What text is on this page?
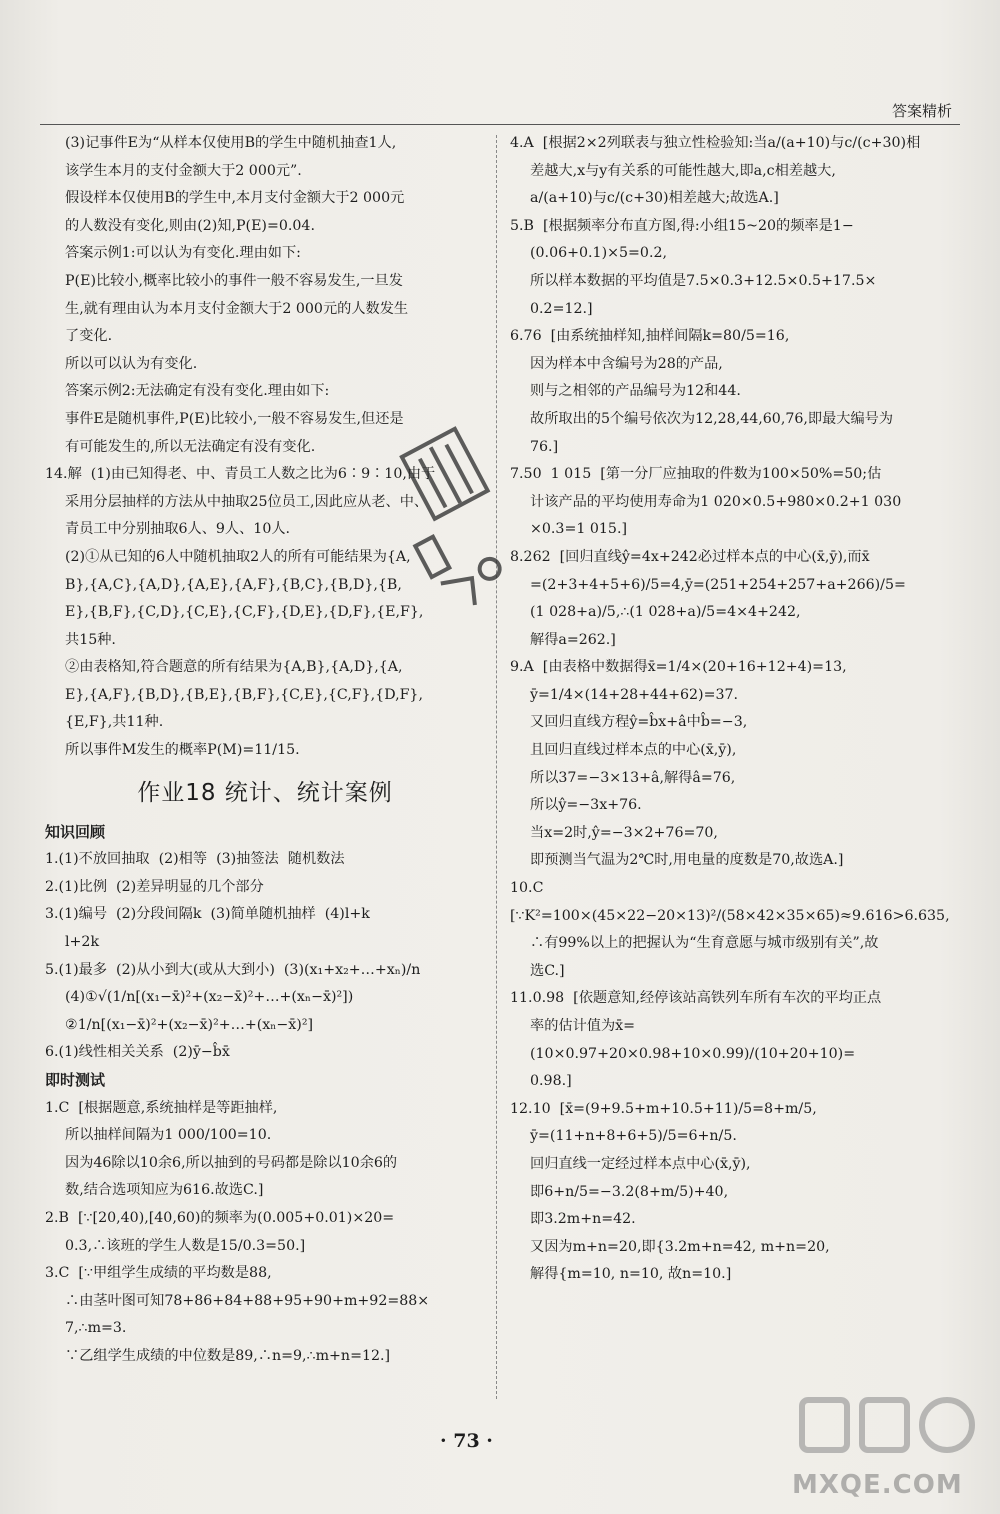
答案精析
(3)记事件E为“从样本仅使用B的学生中随机抽查1人,
该学生本月的支付金额大于2 000元”.
假设样本仅使用B的学生中,本月支付金额大于2 000元
的人数没有变化,则由(2)知,P(E)=0.04.
答案示例1:可以认为有变化.理由如下:
P(E)比较小,概率比较小的事件一般不容易发生,一旦发
生,就有理由认为本月支付金额大于2 000元的人数发生
了变化.
所以可以认为有变化.
答案示例2:无法确定有没有变化.理由如下:
事件E是随机事件,P(E)比较小,一般不容易发生,但还是
有可能发生的,所以无法确定有没有变化.
14.解  (1)由已知得老、中、青员工人数之比为6∶9∶10,由于
采用分层抽样的方法从中抽取25位员工,因此应从老、中、
青员工中分别抽取6人、9人、10人.
(2)①从已知的6人中随机抽取2人的所有可能结果为{A,
B},{A,C},{A,D},{A,E},{A,F},{B,C},{B,D},{B,
E},{B,F},{C,D},{C,E},{C,F},{D,E},{D,F},{E,F},
共15种.
②由表格知,符合题意的所有结果为{A,B},{A,D},{A,
E},{A,F},{B,D},{B,E},{B,F},{C,E},{C,F},{D,F},
{E,F},共11种.
所以事件M发生的概率P(M)=11/15.
作业18 统计、统计案例
知识回顾
1.(1)不放回抽取  (2)相等  (3)抽签法  随机数法
2.(1)比例  (2)差异明显的几个部分
3.(1)编号  (2)分段间隔k  (3)简单随机抽样  (4)l+k
l+2k
5.(1)最多  (2)从小到大(或从大到小)  (3)(x₁+x₂+…+xₙ)/n
(4)①√(1/n[(x₁−x̄)²+(x₂−x̄)²+…+(xₙ−x̄)²])
②1/n[(x₁−x̄)²+(x₂−x̄)²+…+(xₙ−x̄)²]
6.(1)线性相关关系  (2)ȳ−b̂x̄
即时测试
1.C  [根据题意,系统抽样是等距抽样,
所以抽样间隔为1 000/100=10.
因为46除以10余6,所以抽到的号码都是除以10余6的
数,结合选项知应为616.故选C.]
2.B  [∵[20,40),[40,60)的频率为(0.005+0.01)×20=
0.3,∴该班的学生人数是15/0.3=50.]
3.C  [∵甲组学生成绩的平均数是88,
∴由茎叶图可知78+86+84+88+95+90+m+92=88×
7,∴m=3.
∵乙组学生成绩的中位数是89,∴n=9,∴m+n=12.]
4.A  [根据2×2列联表与独立性检验知:当a/(a+10)与c/(c+30)相
差越大,x与y有关系的可能性越大,即a,c相差越大,
a/(a+10)与c/(c+30)相差越大;故选A.]
5.B  [根据频率分布直方图,得:小组15~20的频率是1−
(0.06+0.1)×5=0.2,
所以样本数据的平均值是7.5×0.3+12.5×0.5+17.5×
0.2=12.]
6.76  [由系统抽样知,抽样间隔k=80/5=16,
因为样本中含编号为28的产品,
则与之相邻的产品编号为12和44.
故所取出的5个编号依次为12,28,44,60,76,即最大编号为
76.]
7.50  1 015  [第一分厂应抽取的件数为100×50%=50;估
计该产品的平均使用寿命为1 020×0.5+980×0.2+1 030
×0.3=1 015.]
8.262  [回归直线ŷ=4x+242必过样本点的中心(x̄,ȳ),而x̄
=(2+3+4+5+6)/5=4,ȳ=(251+254+257+a+266)/5=
(1 028+a)/5,∴(1 028+a)/5=4×4+242,
解得a=262.]
9.A  [由表格中数据得x̄=1/4×(20+16+12+4)=13,
ȳ=1/4×(14+28+44+62)=37.
又回归直线方程ŷ=b̂x+â中b̂=−3,
且回归直线过样本点的中心(x̄,ȳ),
所以37=−3×13+â,解得â=76,
所以ŷ=−3x+76.
当x=2时,ŷ=−3×2+76=70,
即预测当气温为2℃时,用电量的度数是70,故选A.]
10.C  [∵K²=100×(45×22−20×13)²/(58×42×35×65)≈9.616>6.635,
∴有99%以上的把握认为“生育意愿与城市级别有关”,故
选C.]
11.0.98  [依题意知,经停该站高铁列车所有车次的平均正点
率的估计值为x̄=(10×0.97+20×0.98+10×0.99)/(10+20+10)=
0.98.]
12.10  [x̄=(9+9.5+m+10.5+11)/5=8+m/5,
ȳ=(11+n+8+6+5)/5=6+n/5.
回归直线一定经过样本点中心(x̄,ȳ),
即6+n/5=−3.2(8+m/5)+40,
即3.2m+n=42.
又因为m+n=20,即{3.2m+n=42, m+n=20,
解得{m=10, n=10, 故n=10.]
· 73 ·
MXQE.COM
